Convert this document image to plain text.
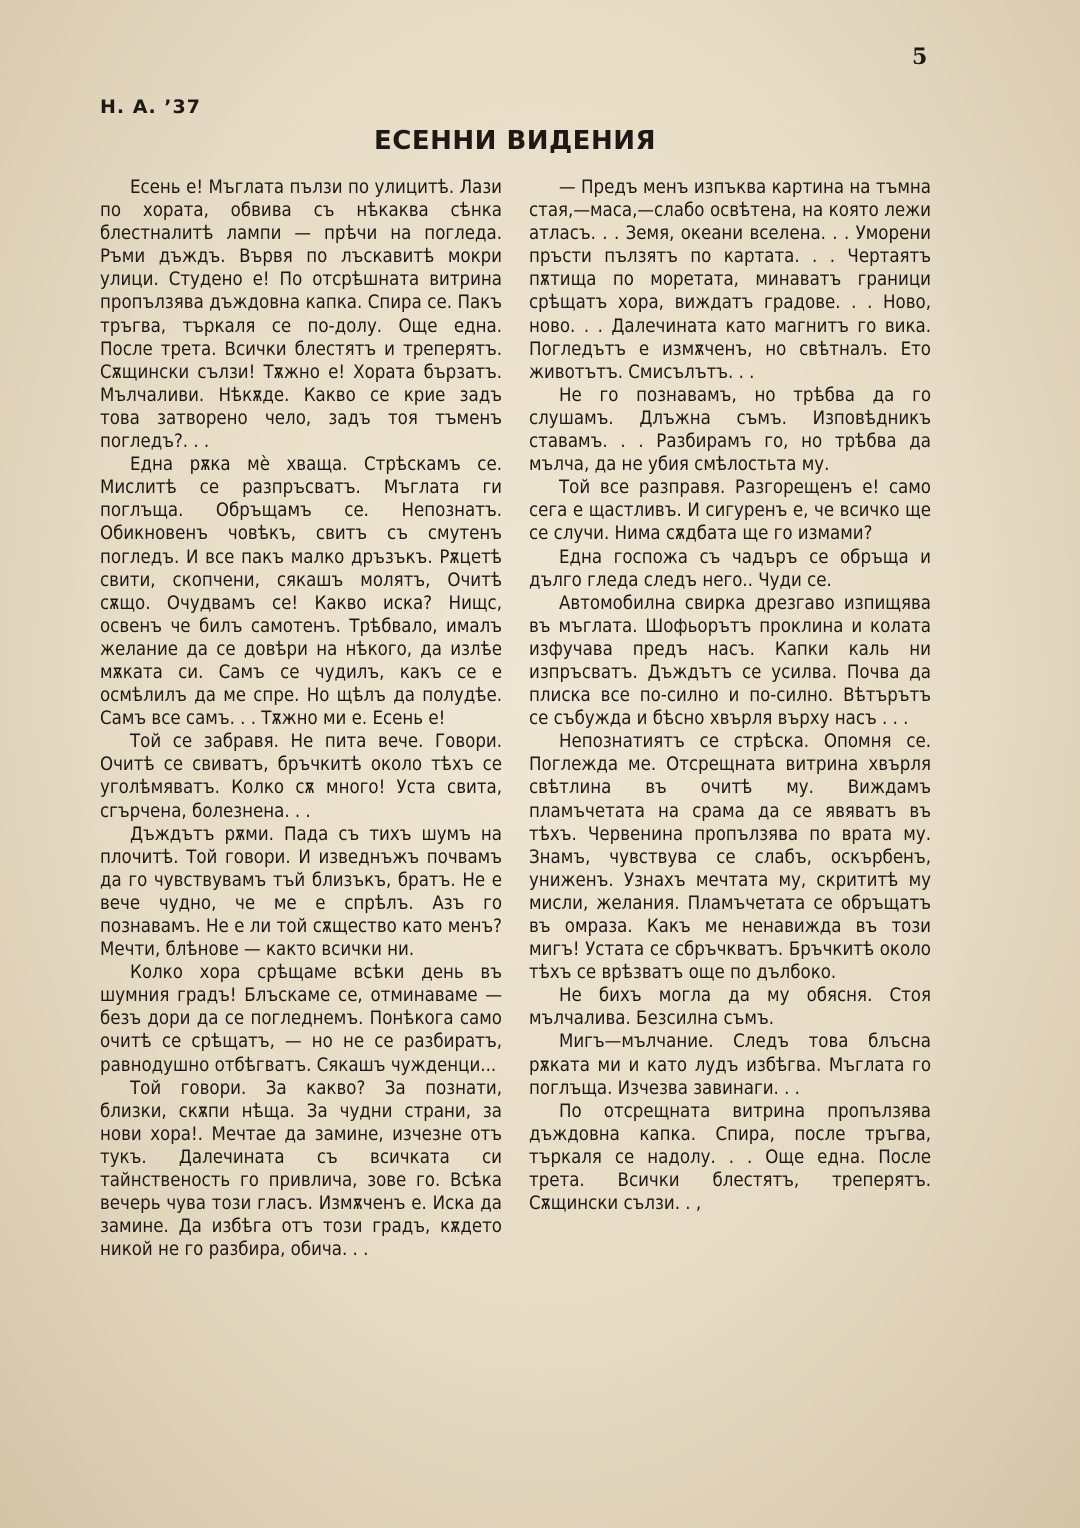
5
Н. А. ’37
ЕСЕННИ ВИДЕНИЯ

Есень е! Мъглата пълзи по улицитѣ. Лази по хората, обвива съ нѣкаква сѣнка блестналитѣ лампи — прѣчи на погледа. Ръми дъждъ. Вървя по лъскавитѣ мокри улици. Студено е! По отсрѣшната витрина пропълзява дъждовна капка. Спира се. Пакъ тръгва, търкаля се по-долу. Още една. После трета. Всички блестятъ и треперятъ. Сѫщински сълзи! Тѫжно е! Хората бързатъ. Мълчаливи. Нѣкѫде. Какво се крие задъ това затворено чело, задъ тоя тъменъ погледъ?. . .

Една рѫка мѐ хваща. Стрѣскамъ се. Мислитѣ се разпръсватъ. Мъглата ги поглъща. Обръщамъ се. Непознатъ. Обикновенъ човѣкъ, свитъ съ смутенъ погледъ. И все пакъ малко дръзъкъ. Рѫцетѣ свити, скопчени, сякашъ молятъ, Очитѣ сѫщо. Очудвамъ се! Какво иска? Нищс, освенъ че билъ самотенъ. Трѣбвало, ималъ желание да се довѣри на нѣкого, да излѣе мѫката си. Самъ се чудилъ, какъ се е осмѣлилъ да ме спре. Но щѣлъ да полудѣе. Самъ все самъ. . . Тѫжно ми е. Есень е!

Той се забравя. Не пита вече. Говори. Очитѣ се свиватъ, бръчкитѣ около тѣхъ се уголѣмяватъ. Колко сѫ много! Уста свита, сгърчена, болезнена. . .

Дъждътъ рѫми. Пада съ тихъ шумъ на плочитѣ. Той говори. И изведнъжъ почвамъ да го чувствувамъ тъй близъкъ, братъ. Не е вече чудно, че ме е спрѣлъ. Азъ го познавамъ. Не е ли той сѫщество като менъ? Мечти, блѣнове — както всички ни.

Колко хора срѣщаме всѣки день въ шумния градъ! Блъскаме се, отминаваме — безъ дори да се погледнемъ. Понѣкога само очитѣ се срѣщатъ, — но не се разбиратъ, равнодушно отбѣгватъ. Сякашъ чужденци...

Той говори. За какво? За познати, близки, скѫпи нѣща. За чудни страни, за нови хора!. Мечтае да замине, изчезне отъ тукъ. Далечината съ всичката си тайнственость го привлича, зове го. Всѣка вечерь чува този гласъ. Измѫченъ е. Иска да замине. Да избѣга отъ този градъ, кѫдето никой не го разбира, обича. . .

— Предъ менъ изпъква картина на тъмна стая,—маса,—слабо освѣтена, на която лежи атласъ. . . Земя, океани вселена. . . Уморени пръсти пълзятъ по картата. . . Чертаятъ пѫтища по моретата, минаватъ граници срѣщатъ хора, виждатъ градове. . . Ново, ново. . . Далечината като магнитъ го вика. Погледътъ е измѫченъ, но свѣтналъ. Ето животътъ. Смисълътъ. . .

Не го познавамъ, но трѣбва да го слушамъ. Длъжна съмъ. Изповѣдникъ ставамъ. . . Разбирамъ го, но трѣбва да мълча, да не убия смѣлостьта му.

Той все разправя. Разгорещенъ е! само сега е щастливъ. И сигуренъ е, че всичко ще се случи. Нима сѫдбата ще го измами?

Една госпожа съ чадъръ се обръща и дълго гледа следъ него.. Чуди се.

Автомобилна свирка дрезгаво изпищява въ мъглата. Шофьорътъ проклина и колата изфучава предъ насъ. Капки каль ни изпръсватъ. Дъждътъ се усилва. Почва да плиска все по-силно и по-силно. Вѣтърътъ се събужда и бѣсно хвърля върху насъ . . .

Непознатиятъ се стрѣска. Опомня се. Поглежда ме. Отсрещната витрина хвърля свѣтлина въ очитѣ му. Виждамъ пламъчетата на срама да се явяватъ въ тѣхъ. Червенина пропълзява по врата му. Знамъ, чувствува се слабъ, оскърбенъ, униженъ. Узнахъ мечтата му, скрититѣ му мисли, желания. Пламъчетата се обръщатъ въ омраза. Какъ ме ненавижда въ този мигъ! Устата се сбръчкватъ. Бръчкитѣ около тѣхъ се врѣзватъ още по дълбоко.

Не бихъ могла да му обясня. Стоя мълчалива. Безсилна съмъ.

Мигъ—мълчание. Следъ това блъсна рѫката ми и като лудъ избѣгва. Мъглата го поглъща. Изчезва завинаги. . .

По отсрещната витрина пропълзява дъждовна капка. Спира, после тръгва, търкаля се надолу. . . Още една. После трета. Всички блестятъ, треперятъ. Сѫщински сълзи. . ,
